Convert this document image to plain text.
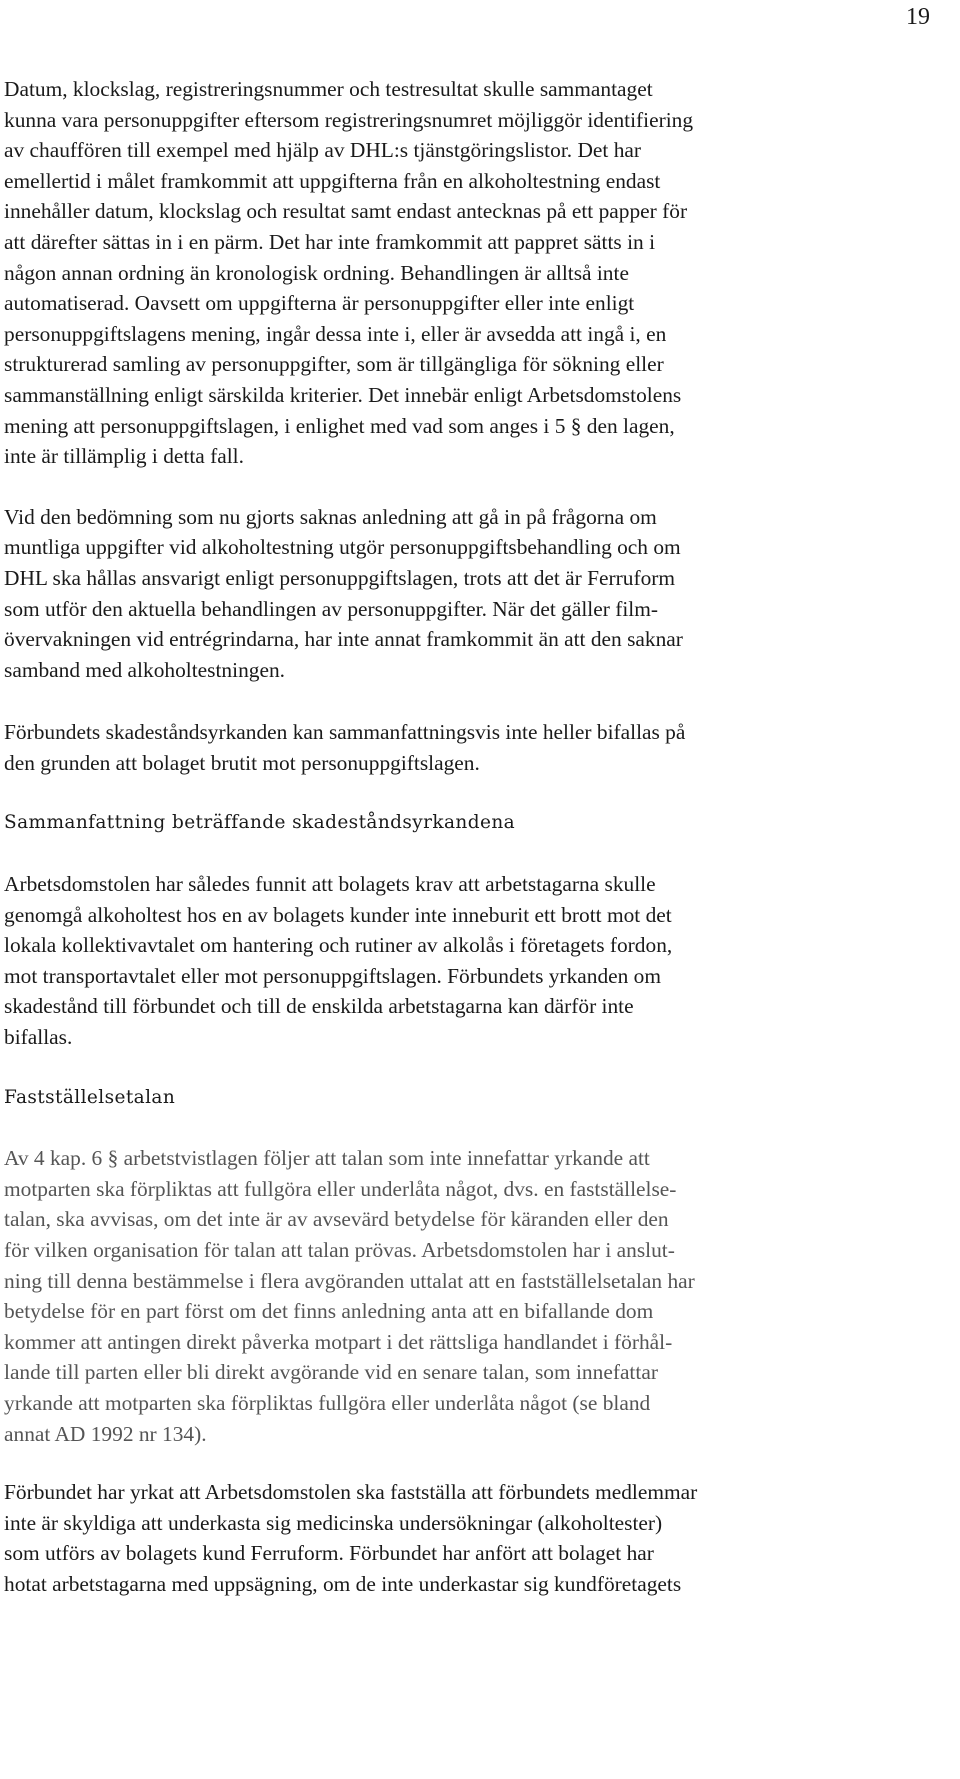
19

Datum, klockslag, registreringsnummer och testresultat skulle sammantaget
kunna vara personuppgifter eftersom registreringsnumret möjliggör identifiering
av chauffören till exempel med hjälp av DHL:s tjänstgöringslistor. Det har
emellertid i målet framkommit att uppgifterna från en alkoholtestning endast
innehåller datum, klockslag och resultat samt endast antecknas på ett papper för
att därefter sättas in i en pärm. Det har inte framkommit att pappret sätts in i
någon annan ordning än kronologisk ordning. Behandlingen är alltså inte
automatiserad. Oavsett om uppgifterna är personuppgifter eller inte enligt
personuppgiftslagens mening, ingår dessa inte i, eller är avsedda att ingå i, en
strukturerad samling av personuppgifter, som är tillgängliga för sökning eller
sammanställning enligt särskilda kriterier. Det innebär enligt Arbetsdomstolens
mening att personuppgiftslagen, i enlighet med vad som anges i 5 § den lagen,
inte är tillämplig i detta fall.

Vid den bedömning som nu gjorts saknas anledning att gå in på frågorna om
muntliga uppgifter vid alkoholtestning utgör personuppgiftsbehandling och om
DHL ska hållas ansvarigt enligt personuppgiftslagen, trots att det är Ferruform
som utför den aktuella behandlingen av personuppgifter. När det gäller film-
övervakningen vid entrégrindarna, har inte annat framkommit än att den saknar
samband med alkoholtestningen.

Förbundets skadeståndsyrkanden kan sammanfattningsvis inte heller bifallas på
den grunden att bolaget brutit mot personuppgiftslagen.

Sammanfattning beträffande skadeståndsyrkandena

Arbetsdomstolen har således funnit att bolagets krav att arbetstagarna skulle
genomgå alkoholtest hos en av bolagets kunder inte inneburit ett brott mot det
lokala kollektivavtalet om hantering och rutiner av alkolås i företagets fordon,
mot transportavtalet eller mot personuppgiftslagen. Förbundets yrkanden om
skadestånd till förbundet och till de enskilda arbetstagarna kan därför inte
bifallas.

Fastställelsetalan

Av 4 kap. 6 § arbetstvistlagen följer att talan som inte innefattar yrkande att
motparten ska förpliktas att fullgöra eller underlåta något, dvs. en fastställelse-
talan, ska avvisas, om det inte är av avsevärd betydelse för käranden eller den
för vilken organisation för talan att talan prövas. Arbetsdomstolen har i anslut-
ning till denna bestämmelse i flera avgöranden uttalat att en fastställelsetalan har
betydelse för en part först om det finns anledning anta att en bifallande dom
kommer att antingen direkt påverka motpart i det rättsliga handlandet i förhål-
lande till parten eller bli direkt avgörande vid en senare talan, som innefattar
yrkande att motparten ska förpliktas fullgöra eller underlåta något (se bland
annat AD 1992 nr 134).

Förbundet har yrkat att Arbetsdomstolen ska fastställa att förbundets medlemmar
inte är skyldiga att underkasta sig medicinska undersökningar (alkoholtester)
som utförs av bolagets kund Ferruform. Förbundet har anfört att bolaget har
hotat arbetstagarna med uppsägning, om de inte underkastar sig kundföretagets
